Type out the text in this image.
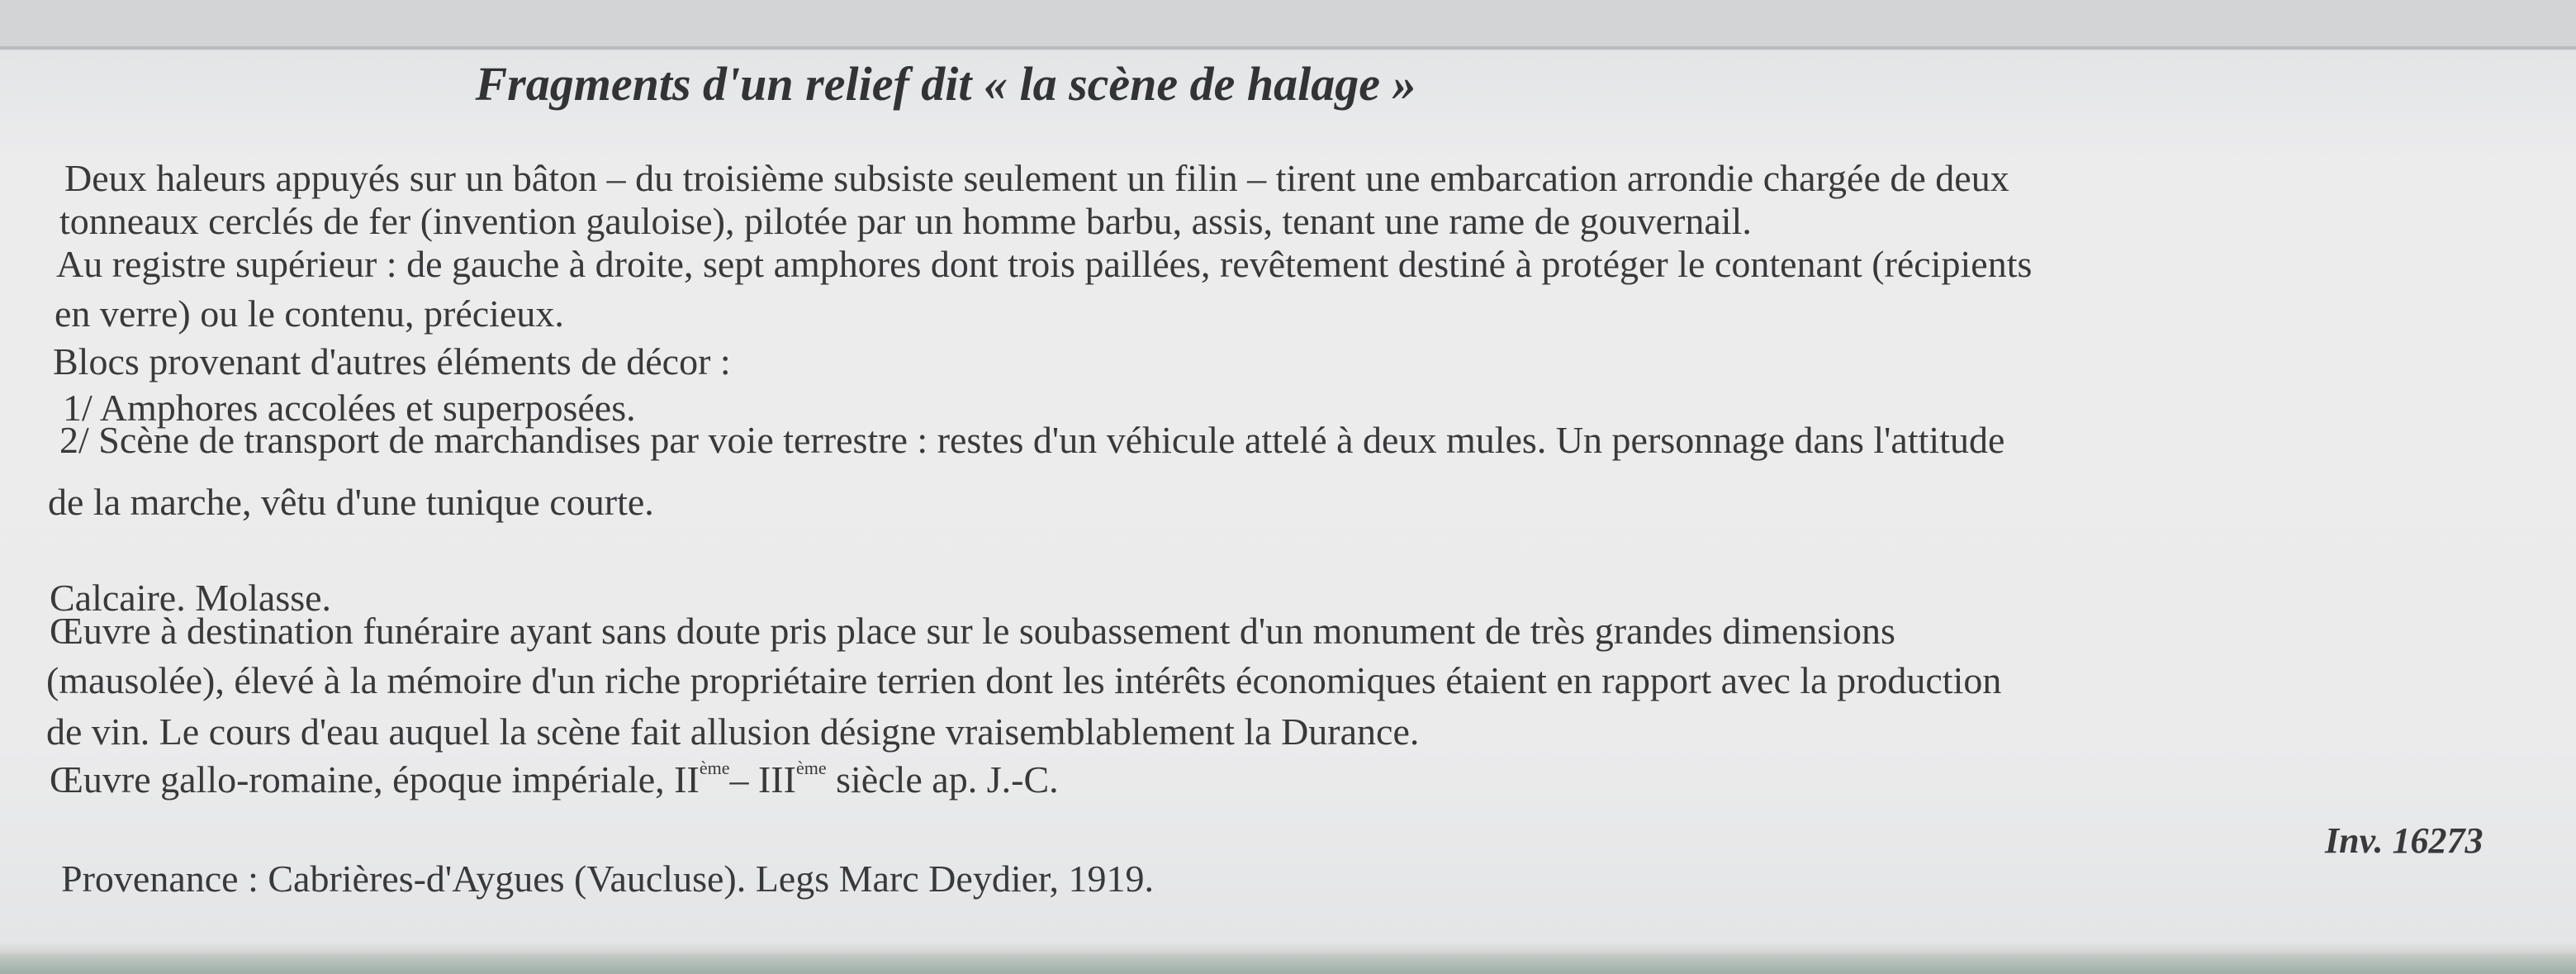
Fragments d'un relief dit « la scène de halage »
Deux haleurs appuyés sur un bâton – du troisième subsiste seulement un filin – tirent une embarcation arrondie chargée de deux
tonneaux cerclés de fer (invention gauloise), pilotée par un homme barbu, assis, tenant une rame de gouvernail.
Au registre supérieur : de gauche à droite, sept amphores dont trois paillées, revêtement destiné à protéger le contenant (récipients
en verre) ou le contenu, précieux.
Blocs provenant d'autres éléments de décor :
1/ Amphores accolées et superposées.
2/ Scène de transport de marchandises par voie terrestre : restes d'un véhicule attelé à deux mules. Un personnage dans l'attitude
de la marche, vêtu d'une tunique courte.
Calcaire. Molasse.
Œuvre à destination funéraire ayant sans doute pris place sur le soubassement d'un monument de très grandes dimensions
(mausolée), élevé à la mémoire d'un riche propriétaire terrien dont les intérêts économiques étaient en rapport avec la production
de vin. Le cours d'eau auquel la scène fait allusion désigne vraisemblablement la Durance.
Œuvre gallo-romaine, époque impériale, IIème– IIIème siècle ap. J.-C.
Provenance : Cabrières-d'Aygues (Vaucluse). Legs Marc Deydier, 1919.
Inv. 16273
